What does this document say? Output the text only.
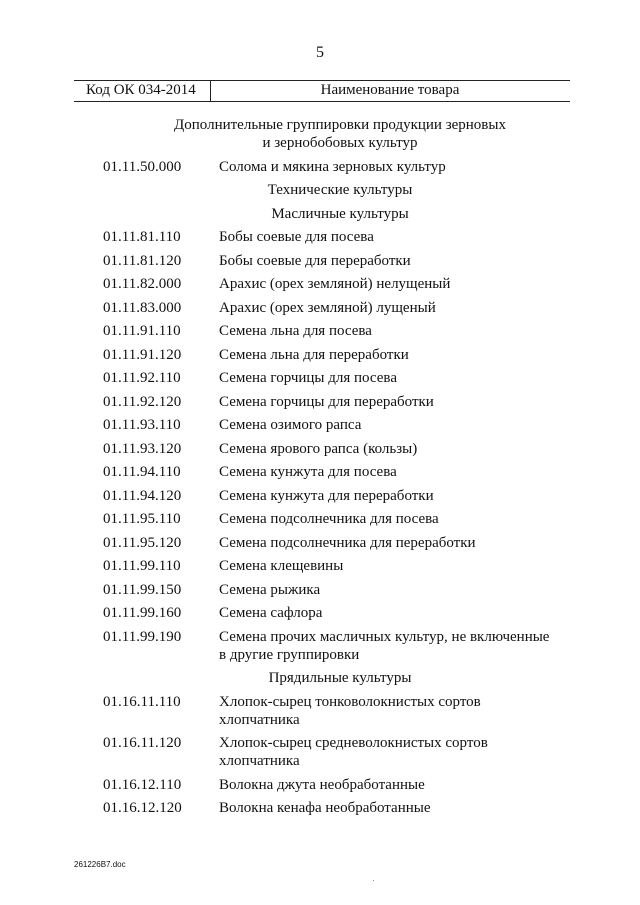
5
Код ОК 034-2014	Наименование товара
Дополнительные группировки продукции зерновых и зернобобовых культур
01.11.50.000	Солома и мякина зерновых культур
Технические культуры
Масличные культуры
01.11.81.110	Бобы соевые для посева
01.11.81.120	Бобы соевые для переработки
01.11.82.000	Арахис (орех земляной) нелущеный
01.11.83.000	Арахис (орех земляной) лущеный
01.11.91.110	Семена льна для посева
01.11.91.120	Семена льна для переработки
01.11.92.110	Семена горчицы для посева
01.11.92.120	Семена горчицы для переработки
01.11.93.110	Семена озимого рапса
01.11.93.120	Семена ярового рапса (кользы)
01.11.94.110	Семена кунжута для посева
01.11.94.120	Семена кунжута для переработки
01.11.95.110	Семена подсолнечника для посева
01.11.95.120	Семена подсолнечника для переработки
01.11.99.110	Семена клещевины
01.11.99.150	Семена рыжика
01.11.99.160	Семена сафлора
01.11.99.190	Семена прочих масличных культур, не включенные в другие группировки
Прядильные культуры
01.16.11.110	Хлопок-сырец тонковолокнистых сортов хлопчатника
01.16.11.120	Хлопок-сырец средневолокнистых сортов хлопчатника
01.16.12.110	Волокна джута необработанные
01.16.12.120 Волокна кенафа необработанные
261226B7.doc
